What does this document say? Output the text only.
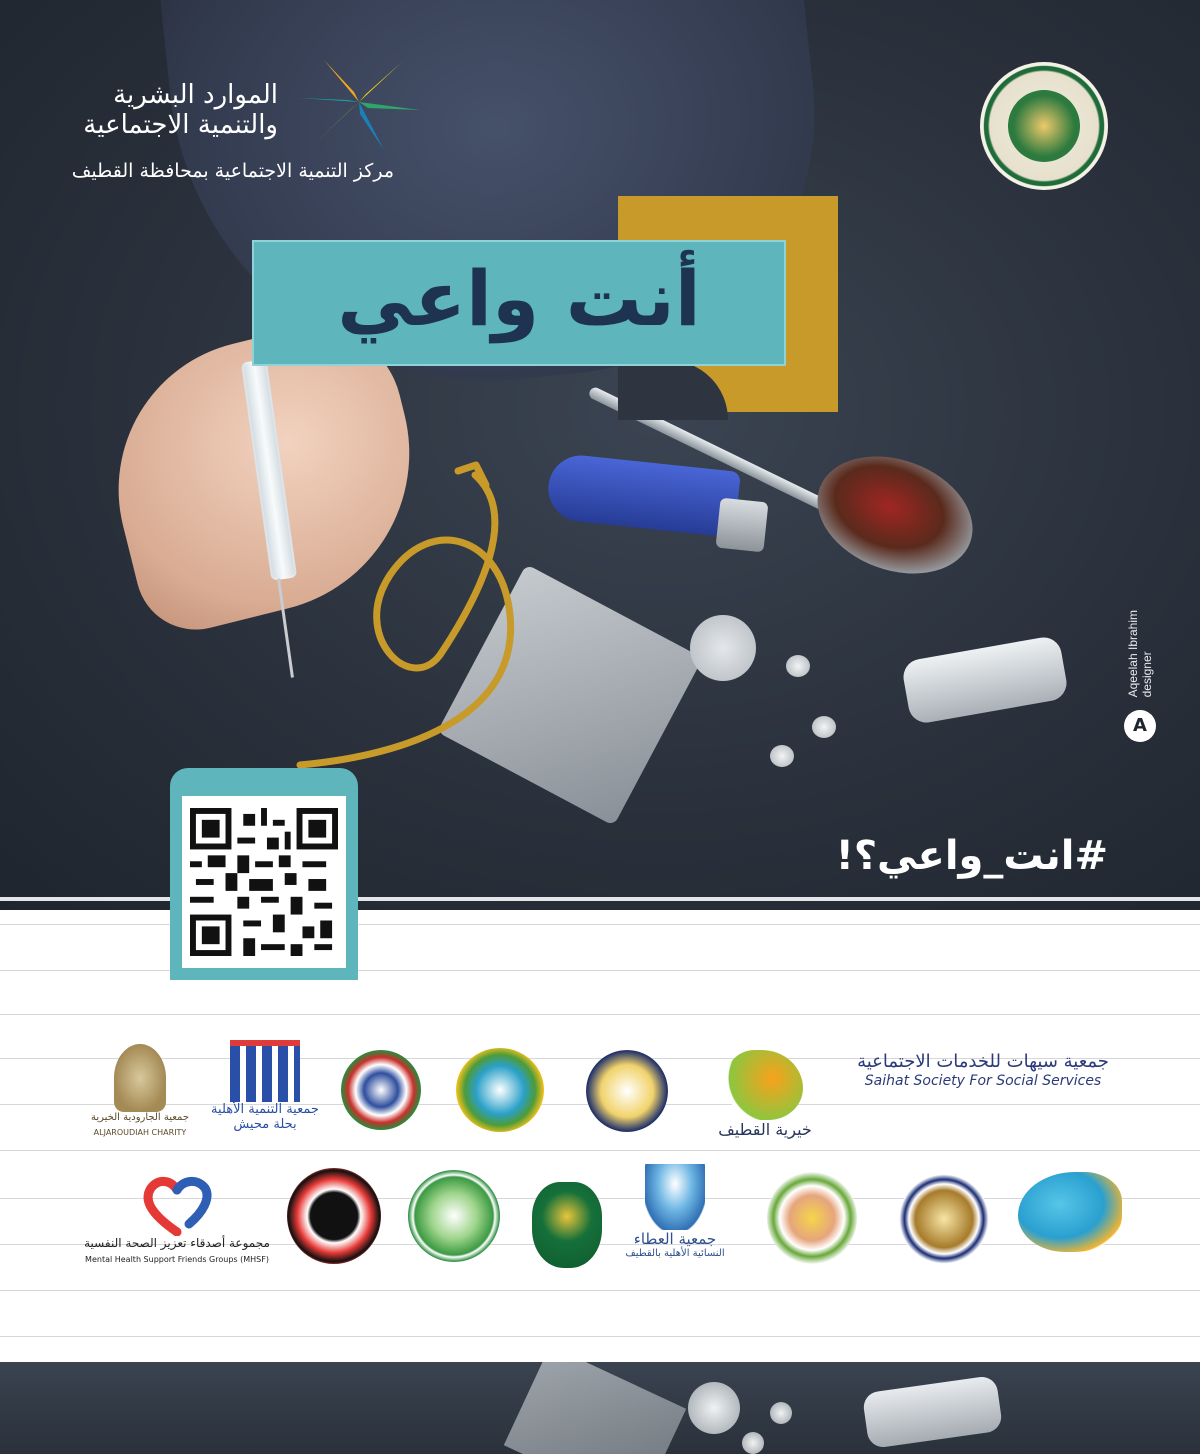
أنت واعي
الموارد البشرية
والتنمية الاجتماعية
مركز التنمية الاجتماعية بمحافظة القطيف
Aqeelah Ibrahim
designer
A
#انت_واعي؟!
جمعية سيهات للخدمات الاجتماعية
Saihat Society For Social Services
خيرية القطيف
جمعية التنمية الأهلية بحلة محيش
جمعية الجارودية الخيرية
ALJAROUDIAH CHARITY
جمعية العطاء
النسائية الأهلية بالقطيف
مجموعة أصدقاء تعزيز الصحة النفسية
Mental Health Support Friends Groups (MHSF)
